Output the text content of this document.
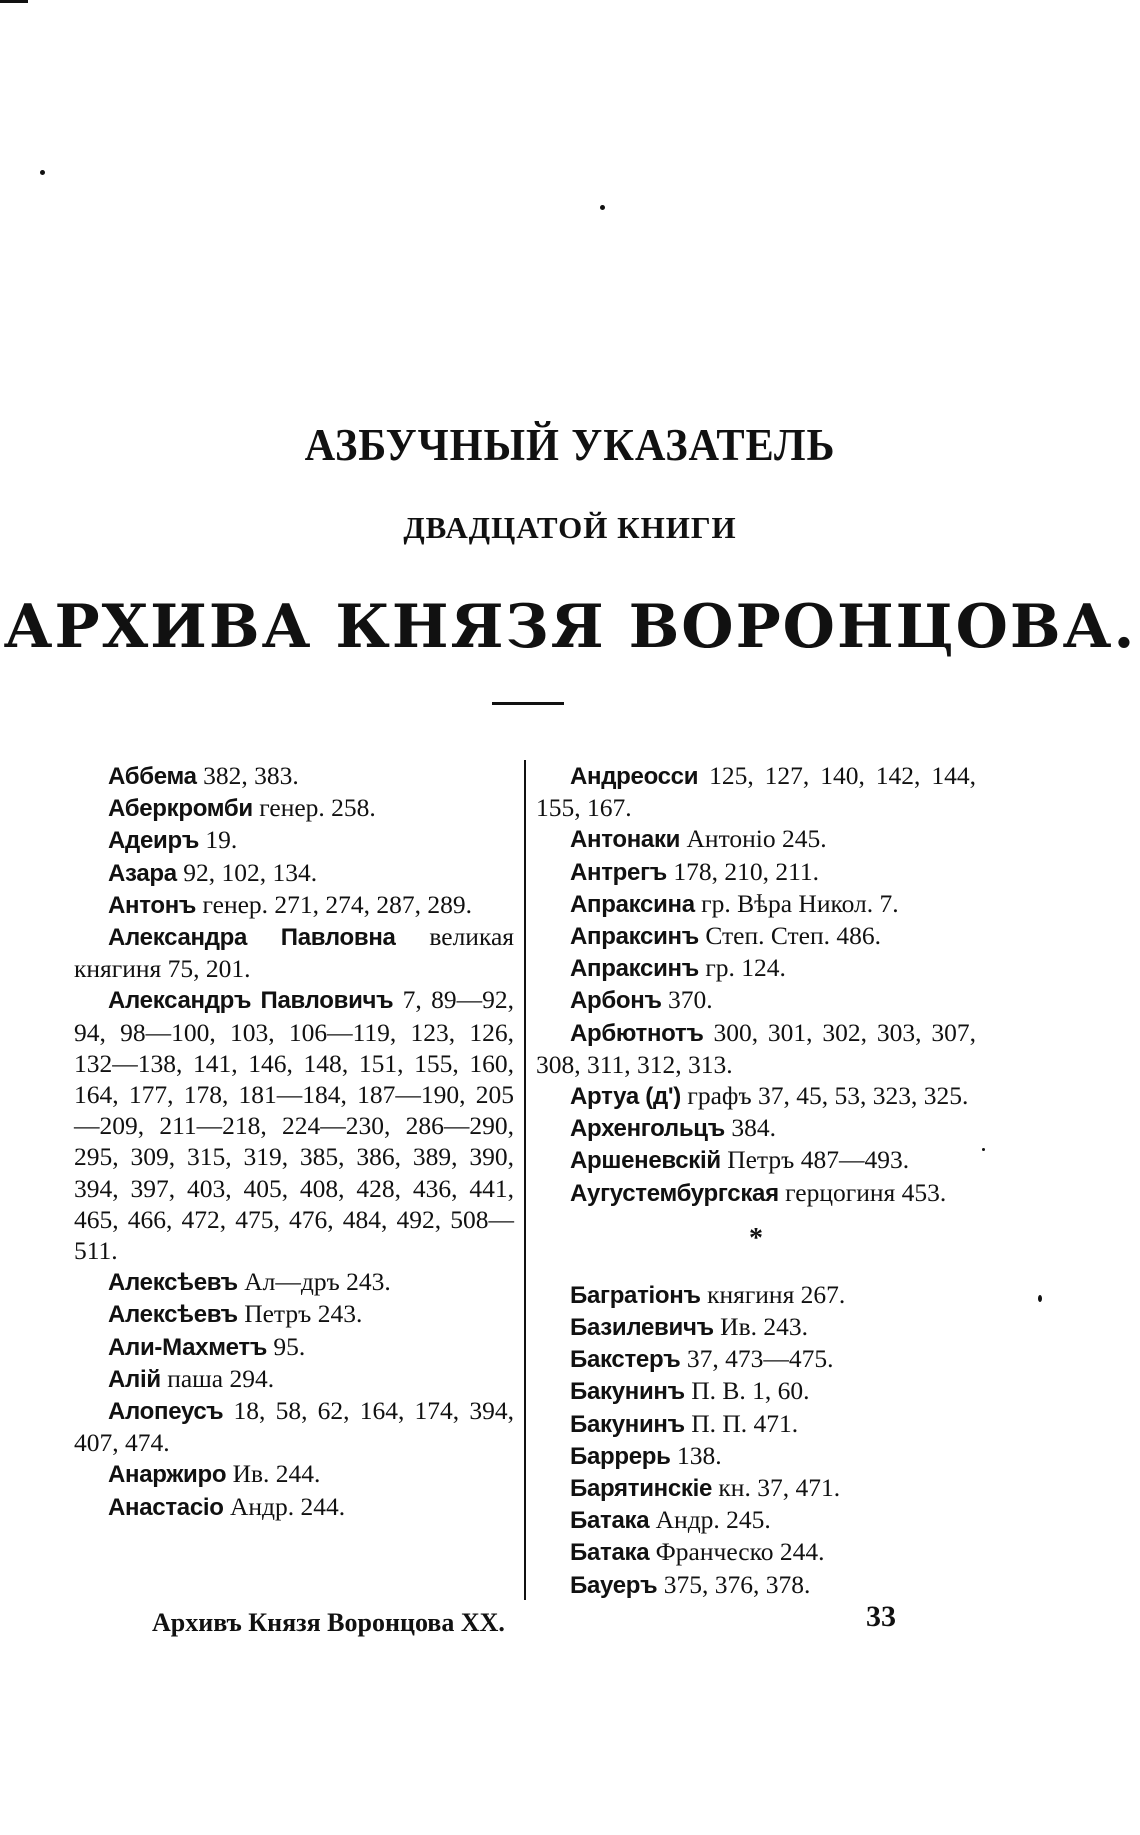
АЗБУЧНЫЙ УКАЗАТЕЛЬ
ДВАДЦАТОЙ КНИГИ
АРХИВА КНЯЗЯ ВОРОНЦОВА.
Аббема 382, 383.
Аберкромби генер. 258.
Адеиръ 19.
Азара 92, 102, 134.
Антонъ генер. 271, 274, 287, 289.
Александра Павловна великая княгиня 75, 201.
Александръ Павловичъ 7, 89—92, 94, 98—100, 103, 106—119, 123, 126, 132—138, 141, 146, 148, 151, 155, 160, 164, 177, 178, 181—184, 187—190, 205—209, 211—218, 224—230, 286—290, 295, 309, 315, 319, 385, 386, 389, 390, 394, 397, 403, 405, 408, 428, 436, 441, 465, 466, 472, 475, 476, 484, 492, 508—511.
Алексѣевъ Ал—дръ 243.
Алексѣевъ Петръ 243.
Али-Махметъ 95.
Алій паша 294.
Алопеусъ 18, 58, 62, 164, 174, 394, 407, 474.
Анаржиро Ив. 244.
Анастасіо Андр. 244.
Андреосси 125, 127, 140, 142, 144, 155, 167.
Антонаки Антоніо 245.
Антрегъ 178, 210, 211.
Апраксина гр. Вѣра Никол. 7.
Апраксинъ Степ. Степ. 486.
Апраксинъ гр. 124.
Арбонъ 370.
Арбютнотъ 300, 301, 302, 303, 307, 308, 311, 312, 313.
Артуа (д') графъ 37, 45, 53, 323, 325.
Архенгольцъ 384.
Аршеневскій Петръ 487—493.
Аугустембургская герцогиня 453.
*
Багратіонъ княгиня 267.
Базилевичъ Ив. 243.
Бакстеръ 37, 473—475.
Бакунинъ П. В. 1, 60.
Бакунинъ П. П. 471.
Баррерь 138.
Барятинскіе кн. 37, 471.
Батака Андр. 245.
Батака Франческо 244.
Бауеръ 375, 376, 378.
Архивъ Князя Воронцова XX.	33
